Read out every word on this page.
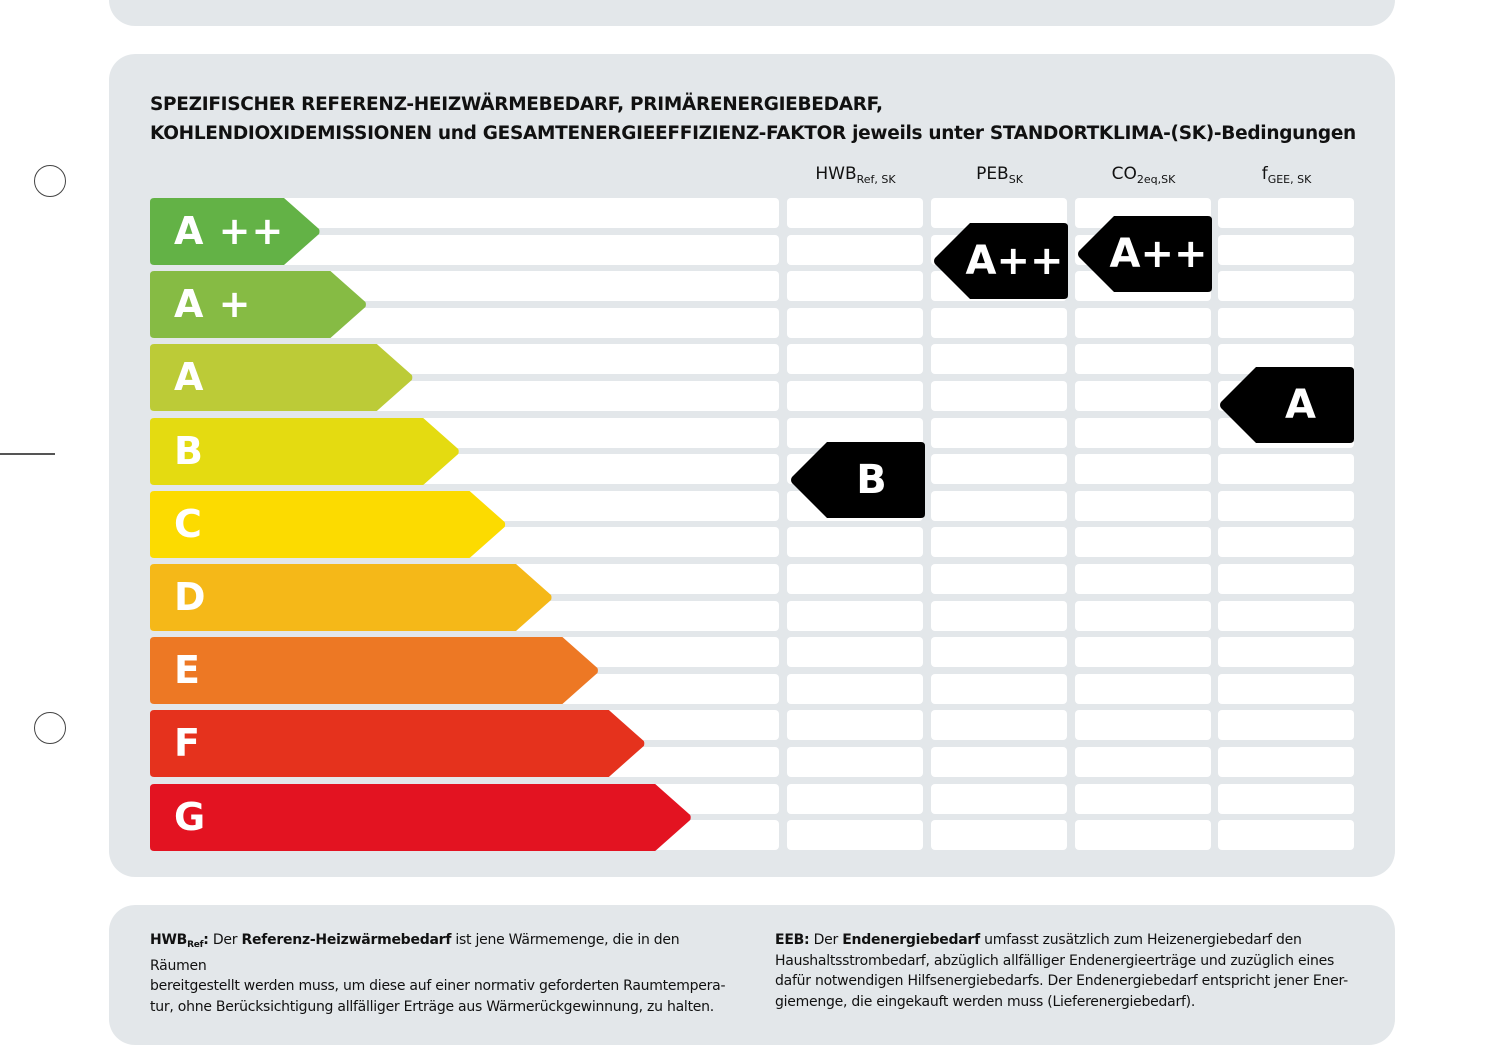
SPEZIFISCHER REFERENZ-HEIZWÄRMEBEDARF, PRIMÄRENERGIEBEDARF,
KOHLENDIOXIDEMISSIONEN und GESAMTENERGIEEFFIZIENZ-FAKTOR jeweils unter STANDORTKLIMA-(SK)-Bedingungen
$HWB_{Ref, SK}$	$PEB_{SK}$	$CO_{2eq,SK}$	$f_{GEE, SK}$
A ++
A +
A
B
C
D
E
F
G
B
A++ A++
A
$HWB_{Ref}$: Der Referenz-Heizwärmebedarf ist jene Wärmemenge, die in den Räumen
bereitgestellt werden muss, um diese auf einer normativ geforderten Raumtempera-
tur, ohne Berücksichtigung allfälliger Erträge aus Wärmerückgewinnung, zu halten.
EEB: Der Endenergiebedarf umfasst zusätzlich zum Heizenergiebedarf den
Haushaltsstrombedarf, abzüglich allfälliger Endenergieerträge und zuzüglich eines
dafür notwendigen Hilfsenergiebedarfs. Der Endenergiebedarf entspricht jener Ener-
giemenge, die eingekauft werden muss (Lieferenergiebedarf).
